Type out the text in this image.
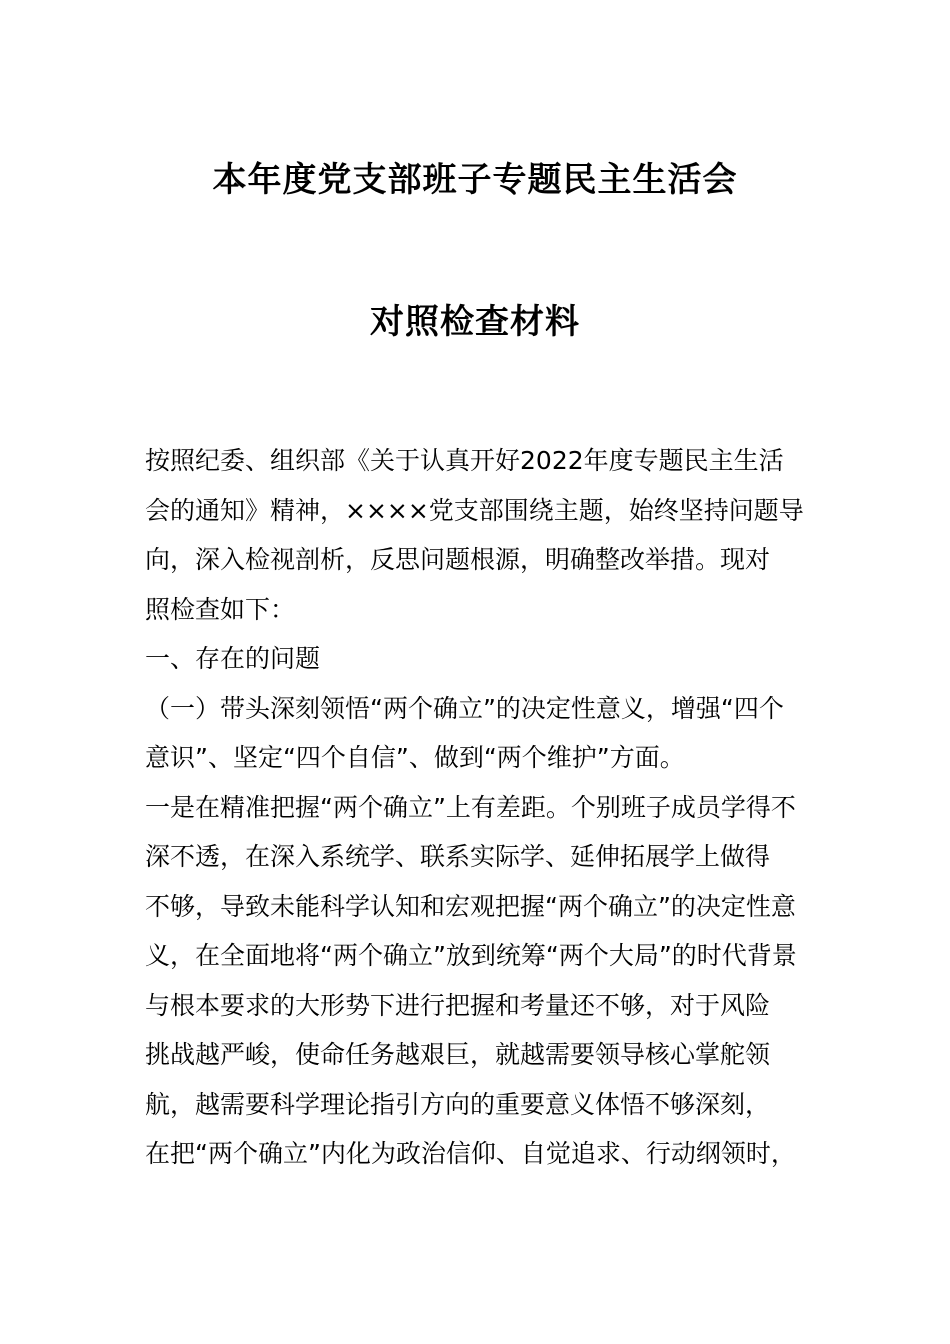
本年度党支部班子专题民主生活会
对照检查材料
按照纪委、组织部《关于认真开好2022年度专题民主生活
会的通知》精神，××××党支部围绕主题，始终坚持问题导
向，深入检视剖析，反思问题根源，明确整改举措。现对
照检查如下：
一、存在的问题
（一）带头深刻领悟“两个确立”的决定性意义，增强“四个
意识”、坚定“四个自信”、做到“两个维护”方面。
一是在精准把握“两个确立”上有差距。个别班子成员学得不
深不透，在深入系统学、联系实际学、延伸拓展学上做得
不够，导致未能科学认知和宏观把握“两个确立”的决定性意
义，在全面地将“两个确立”放到统筹“两个大局”的时代背景
与根本要求的大形势下进行把握和考量还不够，对于风险
挑战越严峻，使命任务越艰巨，就越需要领导核心掌舵领
航，越需要科学理论指引方向的重要意义体悟不够深刻，
在把“两个确立”内化为政治信仰、自觉追求、行动纲领时，
